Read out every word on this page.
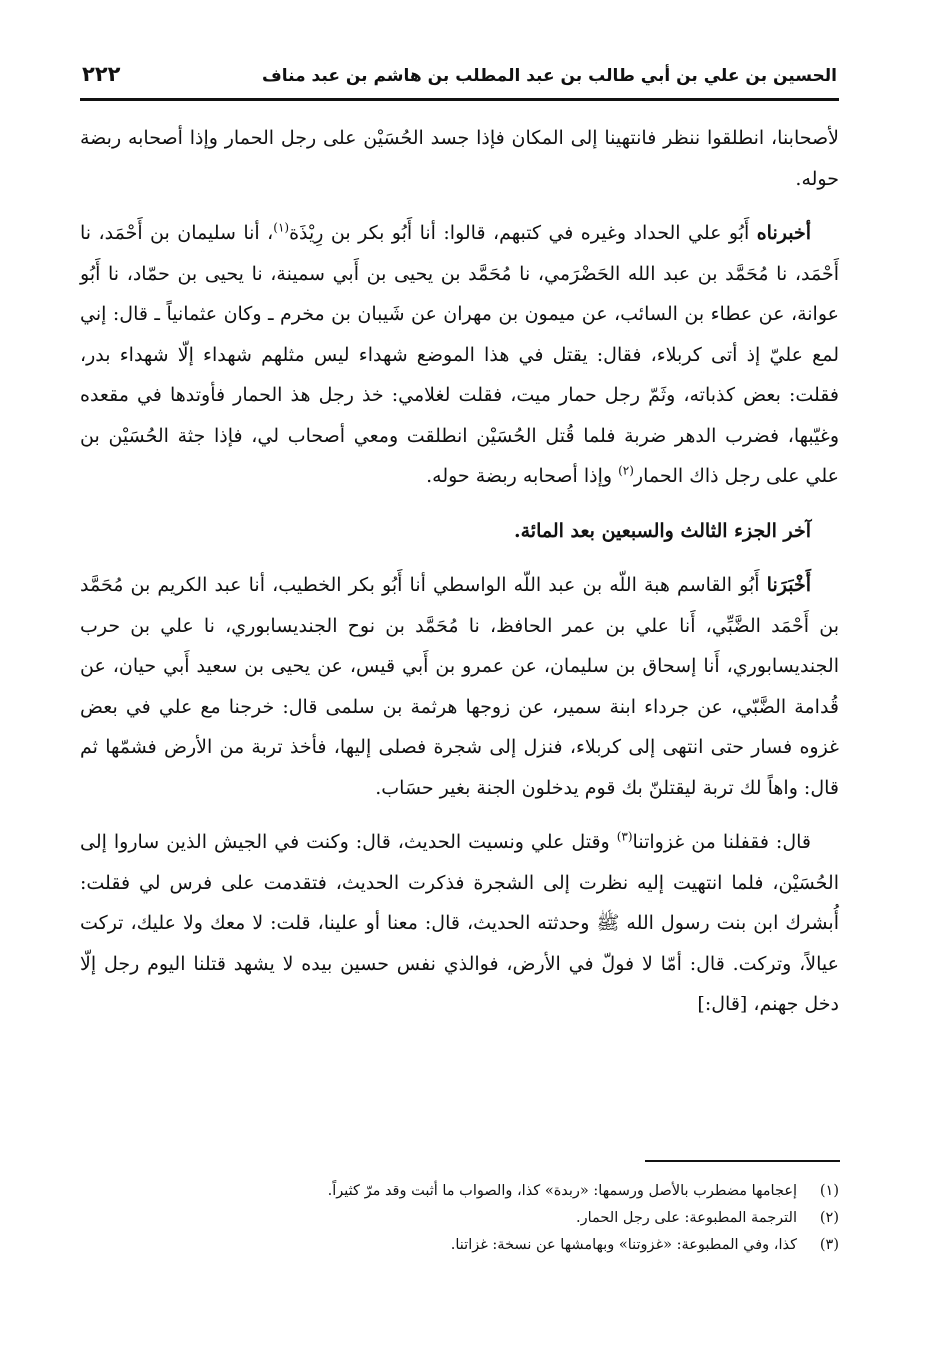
الحسين بن علي بن أبي طالب بن عبد المطلب بن هاشم بن عبد مناف
٢٢٢

لأصحابنا، انطلقوا ننظر فانتهينا إلى المكان فإذا جسد الحُسَيْن على رجل الحمار وإذا أصحابه ربضة حوله.

أخبرناه أَبُو علي الحداد وغيره في كتبهم، قالوا: أنا أَبُو بكر بن رِيْذَة$^{(١)}$، أنا سليمان بن أَحْمَد، نا أَحْمَد، نا مُحَمَّد بن عبد الله الحَضْرَمي، نا مُحَمَّد بن يحيى بن أَبي سمينة، نا يحيى بن حمّاد، نا أَبُو عوانة، عن عطاء بن السائب، عن ميمون بن مهران عن شَيبان بن مخرم ـ وكان عثمانياً ـ قال: إني لمع عليّ إذ أتى كربلاء، فقال: يقتل في هذا الموضع شهداء ليس مثلهم شهداء إلّا شهداء بدر، فقلت: بعض كذباته، وثَمّ رجل حمار ميت، فقلت لغلامي: خذ رجل هذ الحمار فأوتدها في مقعده وغيّبها، فضرب الدهر ضربة فلما قُتل الحُسَيْن انطلقت ومعي أصحاب لي، فإذا جثة الحُسَيْن بن علي على رجل ذاك الحمار$^{(٢)}$ وإذا أصحابه ربضة حوله.

آخر الجزء الثالث والسبعين بعد المائة.

أَخْبَرَنا أَبُو القاسم هبة اللّه بن عبد اللّه الواسطي أنا أَبُو بكر الخطيب، أنا عبد الكريم بن مُحَمَّد بن أَحْمَد الضَّبِّي، أَنا علي بن عمر الحافظ، نا مُحَمَّد بن نوح الجنديسابوري، نا علي بن حرب الجنديسابوري، أَنا إسحاق بن سليمان، عن عمرو بن أَبي قيس، عن يحيى بن سعيد أَبي حيان، عن قُدامة الضَّبّي، عن جرداء ابنة سمير، عن زوجها هرثمة بن سلمى قال: خرجنا مع علي في بعض غزوه فسار حتى انتهى إلى كربلاء، فنزل إلى شجرة فصلى إليها، فأخذ تربة من الأرض فشمّها ثم قال: واهاً لك تربة ليقتلنّ بك قوم يدخلون الجنة بغير حسَاب.

قال: فقفلنا من غزواتنا$^{(٣)}$ وقتل علي ونسيت الحديث، قال: وكنت في الجيش الذين ساروا إلى الحُسَيْن، فلما انتهيت إليه نظرت إلى الشجرة فذكرت الحديث، فتقدمت على فرس لي فقلت: أُبشرك ابن بنت رسول الله ﷺ وحدثته الحديث، قال: معنا أو علينا، قلت: لا معك ولا عليك، تركت عيالاً، وتركت. قال: أمّا لا فولّ في الأرض، فوالذي نفس حسين بيده لا يشهد قتلنا اليوم رجل إلّا دخل جهنم، [قال:]

(١)
إعجامها مضطرب بالأصل ورسمها: «ربدة» كذا، والصواب ما أثبت وقد مرّ كثيراً.
(٢)
الترجمة المطبوعة: على رجل الحمار.
(٣)
كذا، وفي المطبوعة: «غزوتنا» وبهامشها عن نسخة: غزاتنا.
